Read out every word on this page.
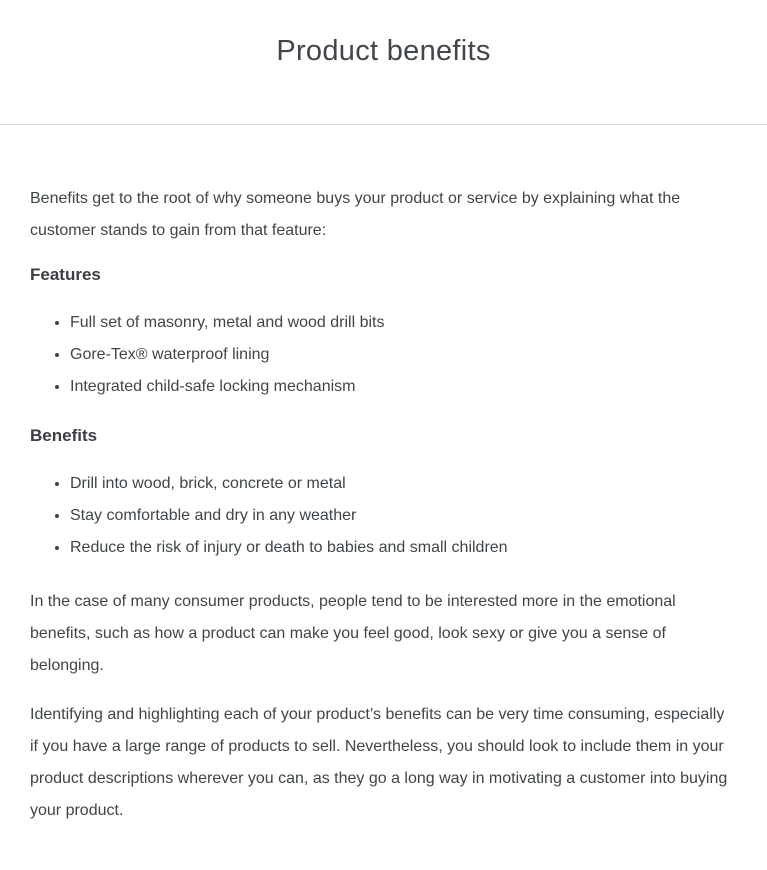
Product benefits

Benefits get to the root of why someone buys your product or service by explaining what the customer stands to gain from that feature:

Features
• Full set of masonry, metal and wood drill bits
• Gore-Tex® waterproof lining
• Integrated child-safe locking mechanism
Benefits
• Drill into wood, brick, concrete or metal
• Stay comfortable and dry in any weather
• Reduce the risk of injury or death to babies and small children

In the case of many consumer products, people tend to be interested more in the emotional benefits, such as how a product can make you feel good, look sexy or give you a sense of belonging.

Identifying and highlighting each of your product’s benefits can be very time consuming, especially if you have a large range of products to sell. Nevertheless, you should look to include them in your product descriptions wherever you can, as they go a long way in motivating a customer into buying your product.
